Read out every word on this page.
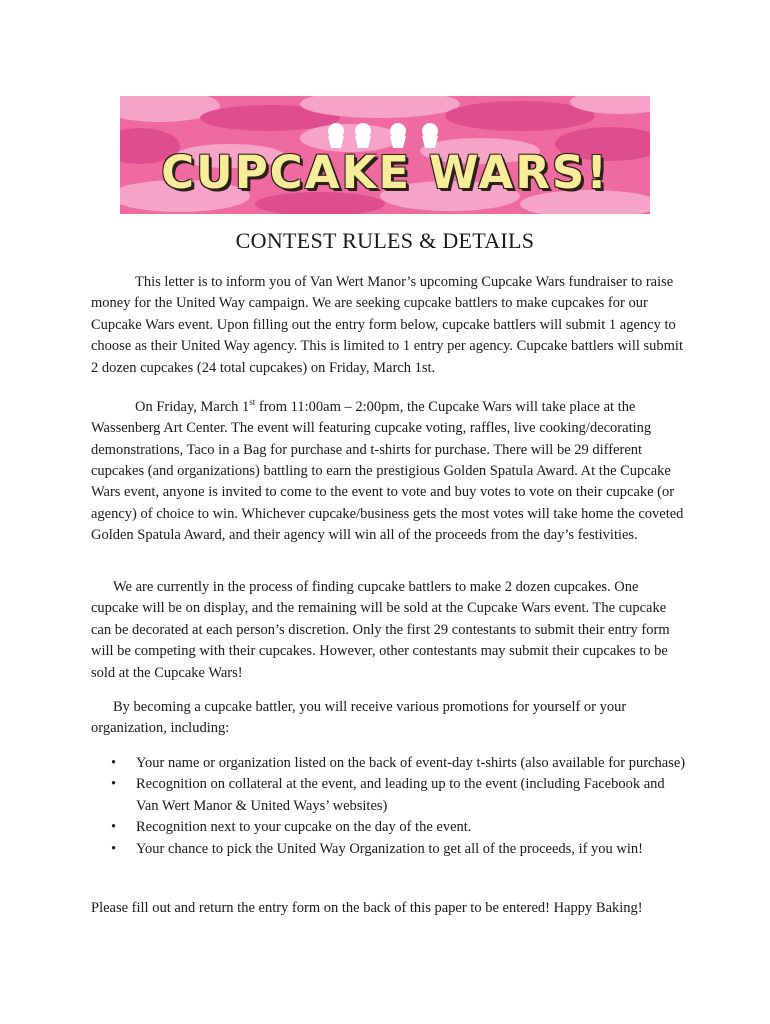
CUPCAKE WARS!
CONTEST RULES & DETAILS

This letter is to inform you of Van Wert Manor’s upcoming Cupcake Wars fundraiser to raise money for the United Way campaign. We are seeking cupcake battlers to make cupcakes for our Cupcake Wars event. Upon filling out the entry form below, cupcake battlers will submit 1 agency to choose as their United Way agency. This is limited to 1 entry per agency. Cupcake battlers will submit 2 dozen cupcakes (24 total cupcakes) on Friday, March 1st.

On Friday, March 1st from 11:00am – 2:00pm, the Cupcake Wars will take place at the Wassenberg Art Center. The event will featuring cupcake voting, raffles, live cooking/decorating demonstrations, Taco in a Bag for purchase and t-shirts for purchase. There will be 29 different cupcakes (and organizations) battling to earn the prestigious Golden Spatula Award. At the Cupcake Wars event, anyone is invited to come to the event to vote and buy votes to vote on their cupcake (or agency) of choice to win. Whichever cupcake/business gets the most votes will take home the coveted Golden Spatula Award, and their agency will win all of the proceeds from the day’s festivities.

We are currently in the process of finding cupcake battlers to make 2 dozen cupcakes. One cupcake will be on display, and the remaining will be sold at the Cupcake Wars event. The cupcake can be decorated at each person’s discretion. Only the first 29 contestants to submit their entry form will be competing with their cupcakes. However, other contestants may submit their cupcakes to be sold at the Cupcake Wars!

By becoming a cupcake battler, you will receive various promotions for yourself or your organization, including:

• Your name or organization listed on the back of event-day t-shirts (also available for purchase)
• Recognition on collateral at the event, and leading up to the event (including Facebook and Van Wert Manor & United Ways’ websites)
• Recognition next to your cupcake on the day of the event.
• Your chance to pick the United Way Organization to get all of the proceeds, if you win!

Please fill out and return the entry form on the back of this paper to be entered! Happy Baking!
